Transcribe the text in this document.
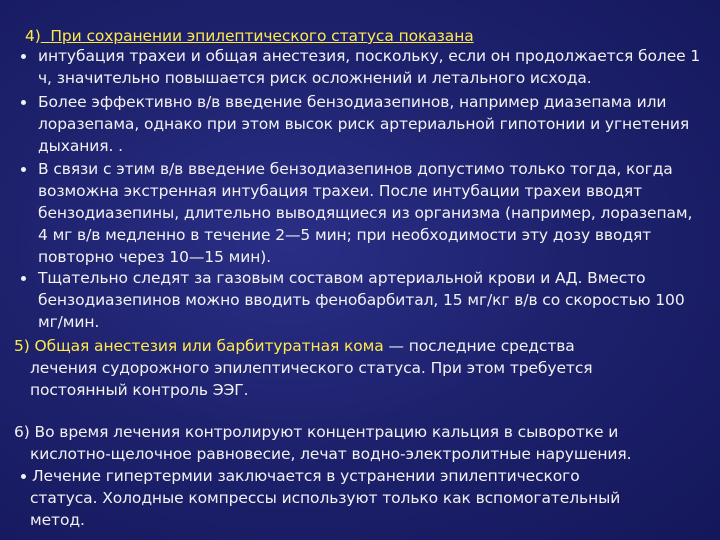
4) При сохранении эпилептического статуса показана
интубация трахеи и общая анестезия, поскольку, если он продолжается более 1
ч, значительно повышается риск осложнений и летального исхода.
Более эффективно в/в введение бензодиазепинов, например диазепама или
лоразепама, однако при этом высок риск артериальной гипотонии и угнетения
дыхания. .
В связи с этим в/в введение бензодиазепинов допустимо только тогда, когда
возможна экстренная интубация трахеи. После интубации трахеи вводят
бензодиазепины, длительно выводящиеся из организма (например, лоразепам,
4 мг в/в медленно в течение 2—5 мин; при необходимости эту дозу вводят
повторно через 10—15 мин).
Тщательно следят за газовым составом артериальной крови и АД. Вместо
бензодиазепинов можно вводить фенобарбитал, 15 мг/кг в/в со скоростью 100
мг/мин.
5) Общая анестезия или барбитуратная кома — последние средства
лечения судорожного эпилептического статуса. При этом требуется
постоянный контроль ЭЭГ.
6) Во время лечения контролируют концентрацию кальция в сыворотке и
кислотно-щелочное равновесие, лечат водно-электролитные нарушения.
Лечение гипертермии заключается в устранении эпилептического
статуса. Холодные компрессы используют только как вспомогательный
метод.
